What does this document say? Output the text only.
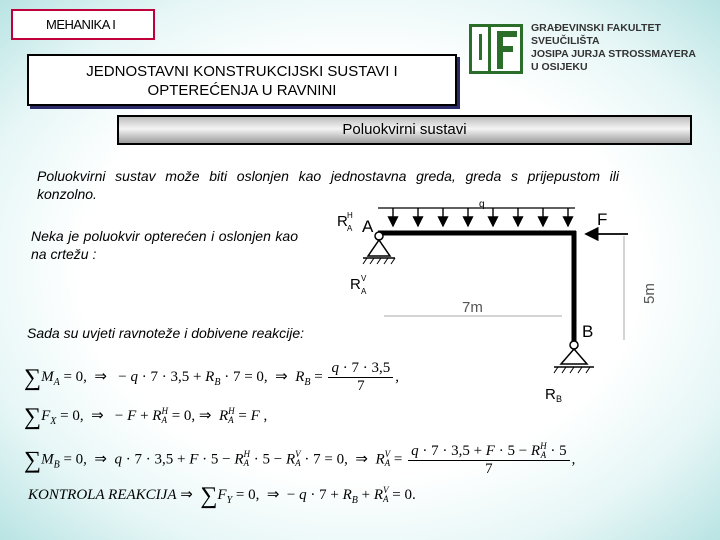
MEHANIKA I
JEDNOSTAVNI KONSTRUKCIJSKI SUSTAVI I
OPTEREĆENJA U RAVNINI
GRAĐEVINSKI FAKULTET
SVEUČILIŠTA
JOSIPA JURJA STROSSMAYERA
U OSIJEKU
Poluokvirni sustavi
Poluokvirni sustav može biti oslonjen kao jednostavna greda, greda s prijepustom ili konzolno.
Neka je poluokvir opterećen i oslonjen kao na crtežu :
Sada su uvjeti ravnoteže i dobivene reakcije:
q
F
A
B
7m
5m
R H
A
R V
A
R B
$\sum M_A = 0$,  ⇒   − $q \cdot 7 \cdot 3,5 + R_B \cdot 7 = 0$,  ⇒  $R_B = \frac{q \cdot 7 \cdot 3,5}{7}$ ,
$\sum F_X = 0$,  ⇒   − F + R H
A = 0, ⇒  R H
A = F ,
$\sum M_B = 0$,  ⇒  q · 7 · 3,5 + F · 5 − R H
A · 5 − R V
A · 7 = 0,  ⇒  R V
A = q · 7 · 3,5 + F · 5 − R H
A · 5
7 ,
KONTROLA REAKCIJA ⇒  $\sum F_Y = 0$,  ⇒  − $q \cdot 7 + R_B + R$ V
A = 0.
